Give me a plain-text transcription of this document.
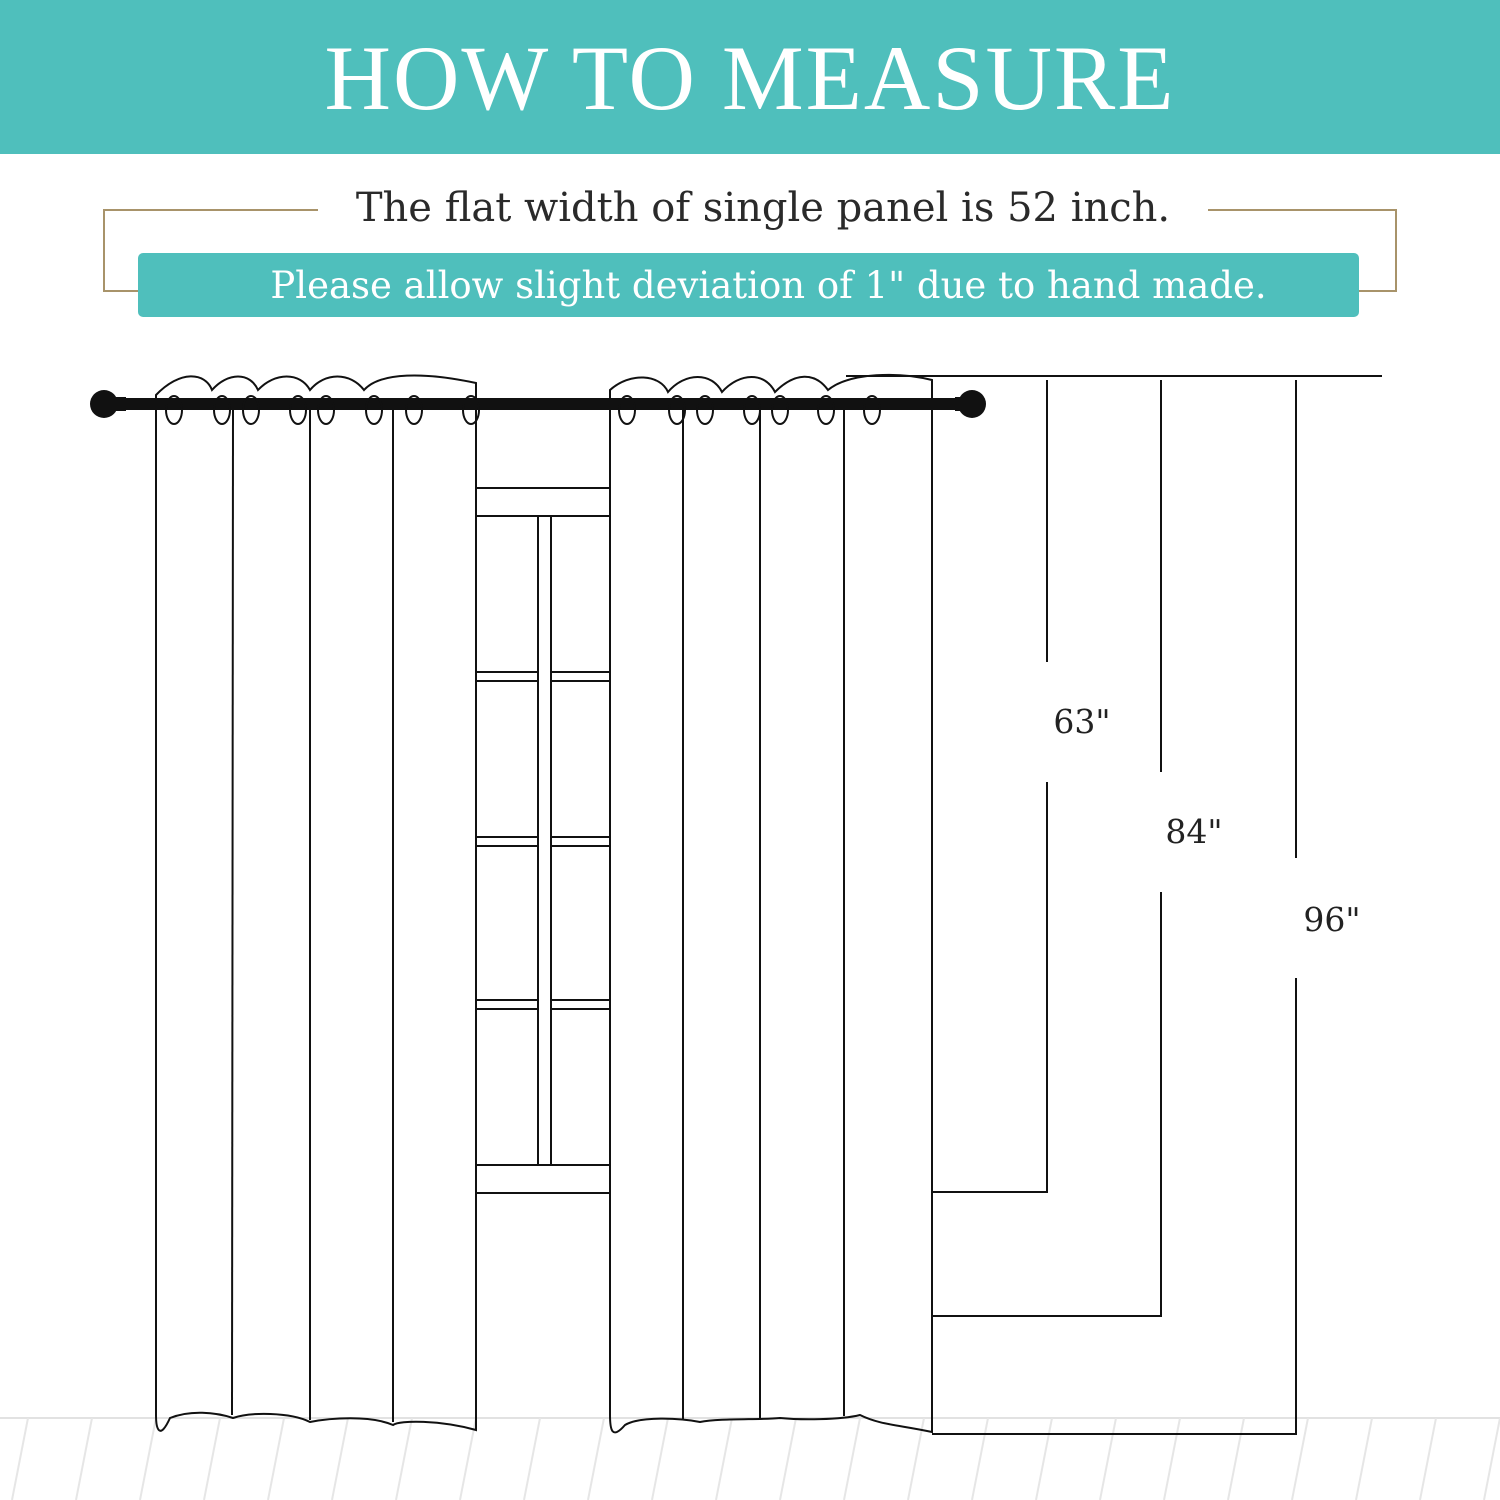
HOW TO MEASURE
The flat width of single panel is 52 inch.
Please allow slight deviation of 1" due to hand made.
63"
84"
96"
